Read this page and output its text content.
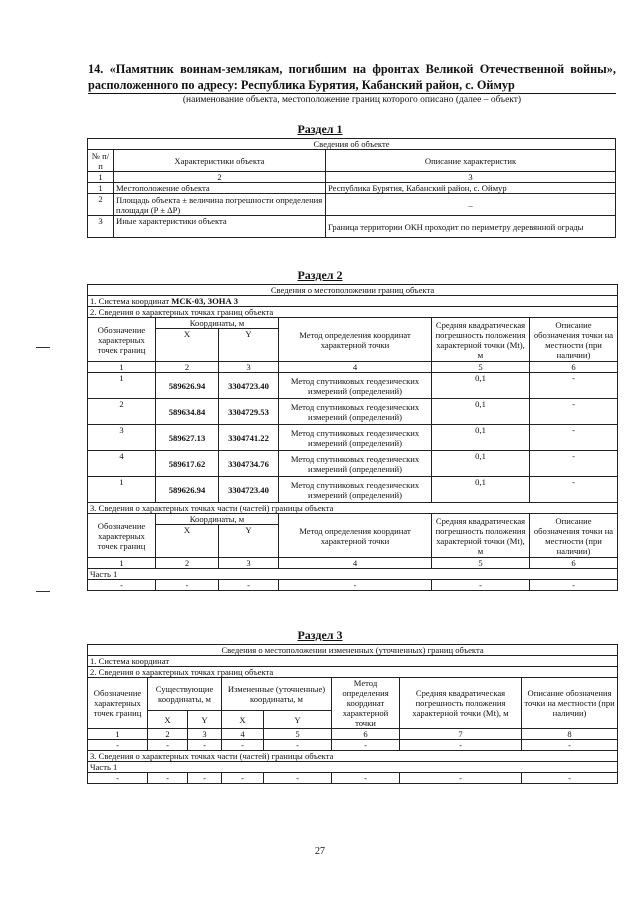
14. «Памятник воинам-землякам, погибшим на фронтах Великой Отечественной войны», расположенного по адресу: Республика Бурятия, Кабанский район, с. Оймур
(наименование объекта, местоположение границ которого описано (далее – объект)
Раздел 1
Сведения об объекте		
№ п/п	Характеристики объекта	Описание характеристик
1	2	3
1	Местоположение объекта	Республика Бурятия, Кабанский район, с. Оймур
2	Площадь объекта ± величина погрешности определения площади (P ± ΔP)	–
3	Иные характеристики объекта	Граница территории ОКН проходит по периметру деревянной ограды
Раздел 2
Сведения о местоположении границ объекта					
1. Система координат МСК-03, ЗОНА 3					
2. Сведения о характерных точках границ объекта					
Обозначение характерных точек границ	Координаты, м		Метод определения координат характерной точки	Средняя квадратическая погрешность положения характерной точки (Mt), м	Описание обозначения точки на местности (при наличии)
	X	Y			
1	2	3	4	5	6
1	589626.94	3304723.40	Метод спутниковых геодезических измерений (определений)	0,1	-
2	589634.84	3304729.53	Метод спутниковых геодезических измерений (определений)	0,1	-
3	589627.13	3304741.22	Метод спутниковых геодезических измерений (определений)	0,1	-
4	589617.62	3304734.76	Метод спутниковых геодезических измерений (определений)	0,1	-
1	589626.94	3304723.40	Метод спутниковых геодезических измерений (определений)	0,1	-
3. Сведения о характерных точках части (частей) границы объекта					
Обозначение характерных точек границ	Координаты, м		Метод определения координат характерной точки	Средняя квадратическая погрешность положения характерной точки (Mt), м	Описание обозначения точки на местности (при наличии)
	X	Y			
1	2	3	4	5	6
Часть 1					
-	-	-	-	-	-
Раздел 3
Сведения о местоположении измененных (уточненных) границ объекта							
1. Система координат							
2. Сведения о характерных точках границ объекта							
Обозначение характерных точек границ	Существующие координаты, м		Измененные (уточненные) координаты, м		Метод определения координат характерной точки	Средняя квадратическая погрешность положения характерной точки (Mt), м	Описание обозначения точки на местности (при наличии)
	X	Y	X	Y			
1	2	3	4	5	6	7	8
-	-	-	-	-	-	-	-
3. Сведения о характерных точках части (частей) границы объекта							
Часть 1							
-	-	-	-	-	-	-	-
27
